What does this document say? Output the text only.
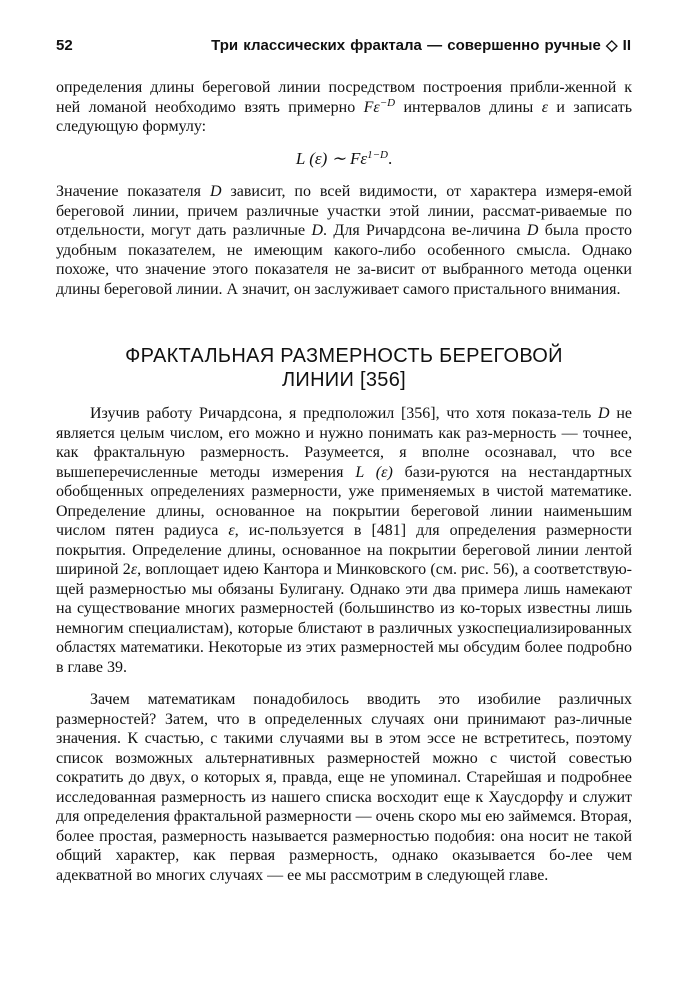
52	Три классических фрактала — совершенно ручные ◇ II

определения длины береговой линии посредством построения прибли-женной к ней ломаной необходимо взять примерно $F\varepsilon^{-D}$ интервалов длины ε и записать следующую формулу:

L (ε) ∼ $F\varepsilon^{1-D}$.

Значение показателя D зависит, по всей видимости, от характера измеря-емой береговой линии, причем различные участки этой линии, рассмат-риваемые по отдельности, могут дать различные D. Для Ричардсона ве-личина D была просто удобным показателем, не имеющим какого-либо особенного смысла. Однако похоже, что значение этого показателя не за-висит от выбранного метода оценки длины береговой линии. А значит, он заслуживает самого пристального внимания.

ФРАКТАЛЬНАЯ РАЗМЕРНОСТЬ БЕРЕГОВОЙ
ЛИНИИ [356]

Изучив работу Ричардсона, я предположил [356], что хотя показа-тель D не является целым числом, его можно и нужно понимать как раз-мерность — точнее, как фрактальную размерность. Разумеется, я вполне осознавал, что все вышеперечисленные методы измерения L (ε) бази-руются на нестандартных обобщенных определениях размерности, уже применяемых в чистой математике. Определение длины, основанное на покрытии береговой линии наименьшим числом пятен радиуса ε, ис-пользуется в [481] для определения размерности покрытия. Определение длины, основанное на покрытии береговой линии лентой шириной 2ε, воплощает идею Кантора и Минковского (см. рис. 56), а соответствую-щей размерностью мы обязаны Булигану. Однако эти два примера лишь намекают на существование многих размерностей (большинство из ко-торых известны лишь немногим специалистам), которые блистают в различных узкоспециализированных областях математики. Некоторые из этих размерностей мы обсудим более подробно в главе 39.

Зачем математикам понадобилось вводить это изобилие различных размерностей? Затем, что в определенных случаях они принимают раз-личные значения. К счастью, с такими случаями вы в этом эссе не встретитесь, поэтому список возможных альтернативных размерностей можно с чистой совестью сократить до двух, о которых я, правда, еще не упоминал. Старейшая и подробнее исследованная размерность из нашего списка восходит еще к Хаусдорфу и служит для определения фрактальной размерности — очень скоро мы ею займемся. Вторая, более простая, размерность называется размерностью подобия: она носит не такой общий характер, как первая размерность, однако оказывается бо-лее чем адекватной во многих случаях — ее мы рассмотрим в следующей главе.
